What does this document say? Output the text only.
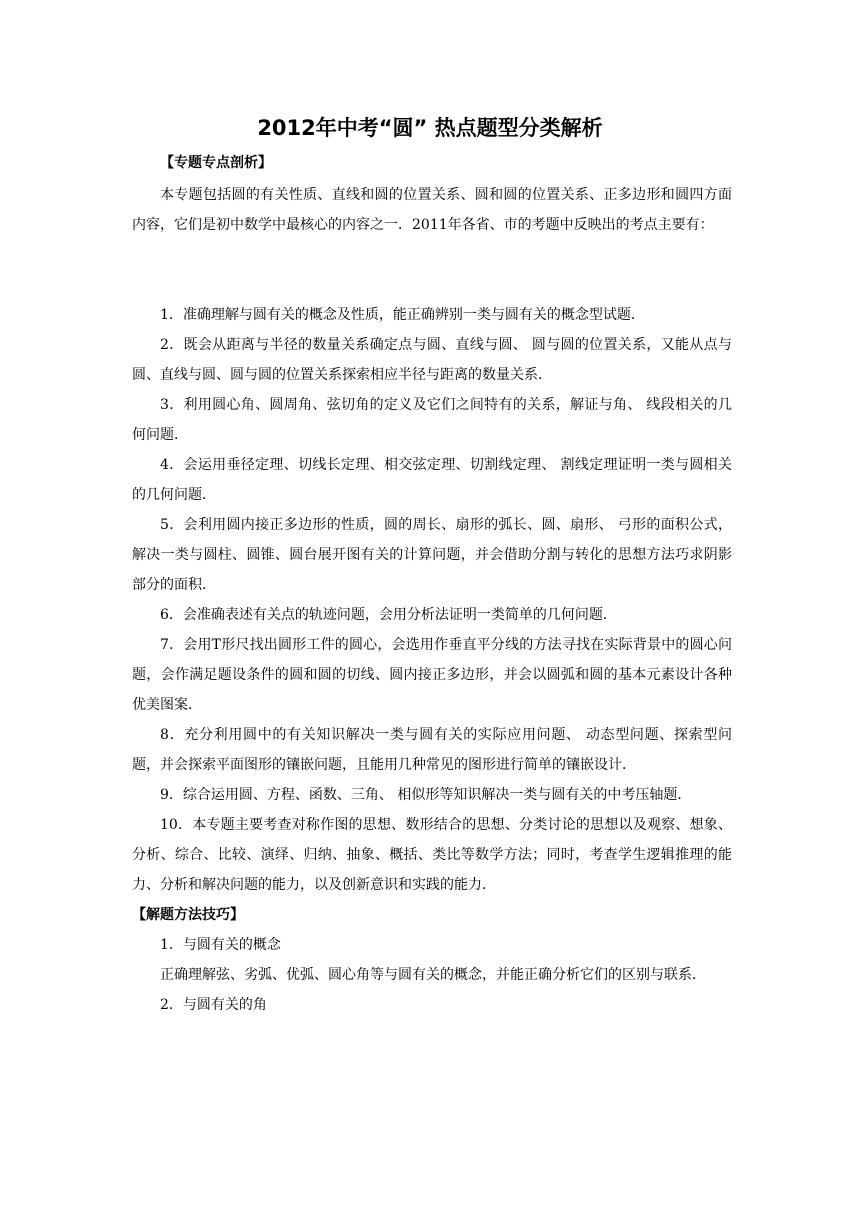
2012年中考“圆” 热点题型分类解析
【专题专点剖析】

本专题包括圆的有关性质、直线和圆的位置关系、圆和圆的位置关系、正多边形和圆四方面内容，它们是初中数学中最核心的内容之一．2011年各省、市的考题中反映出的考点主要有：

1．准确理解与圆有关的概念及性质，能正确辨别一类与圆有关的概念型试题．

2．既会从距离与半径的数量关系确定点与圆、直线与圆、 圆与圆的位置关系，又能从点与圆、直线与圆、圆与圆的位置关系探索相应半径与距离的数量关系．

3．利用圆心角、圆周角、弦切角的定义及它们之间特有的关系，解证与角、 线段相关的几何问题．

4．会运用垂径定理、切线长定理、相交弦定理、切割线定理、 割线定理证明一类与圆相关的几何问题．

5．会利用圆内接正多边形的性质，圆的周长、扇形的弧长、圆、扇形、 弓形的面积公式，解决一类与圆柱、圆锥、圆台展开图有关的计算问题，并会借助分割与转化的思想方法巧求阴影部分的面积．

6．会准确表述有关点的轨迹问题，会用分析法证明一类简单的几何问题．

7．会用T形尺找出圆形工件的圆心，会选用作垂直平分线的方法寻找在实际背景中的圆心问题，会作满足题设条件的圆和圆的切线、圆内接正多边形，并会以圆弧和圆的基本元素设计各种优美图案．

8．充分利用圆中的有关知识解决一类与圆有关的实际应用问题、 动态型问题、探索型问题，并会探索平面图形的镶嵌问题，且能用几种常见的图形进行简单的镶嵌设计．

9．综合运用圆、方程、函数、三角、 相似形等知识解决一类与圆有关的中考压轴题．

10．本专题主要考查对称作图的思想、数形结合的思想、分类讨论的思想以及观察、想象、分析、综合、比较、演绎、归纳、抽象、概括、类比等数学方法；同时，考查学生逻辑推理的能力、分析和解决问题的能力，以及创新意识和实践的能力．

【解题方法技巧】

1．与圆有关的概念

正确理解弦、劣弧、优弧、圆心角等与圆有关的概念，并能正确分析它们的区别与联系．

2．与圆有关的角
